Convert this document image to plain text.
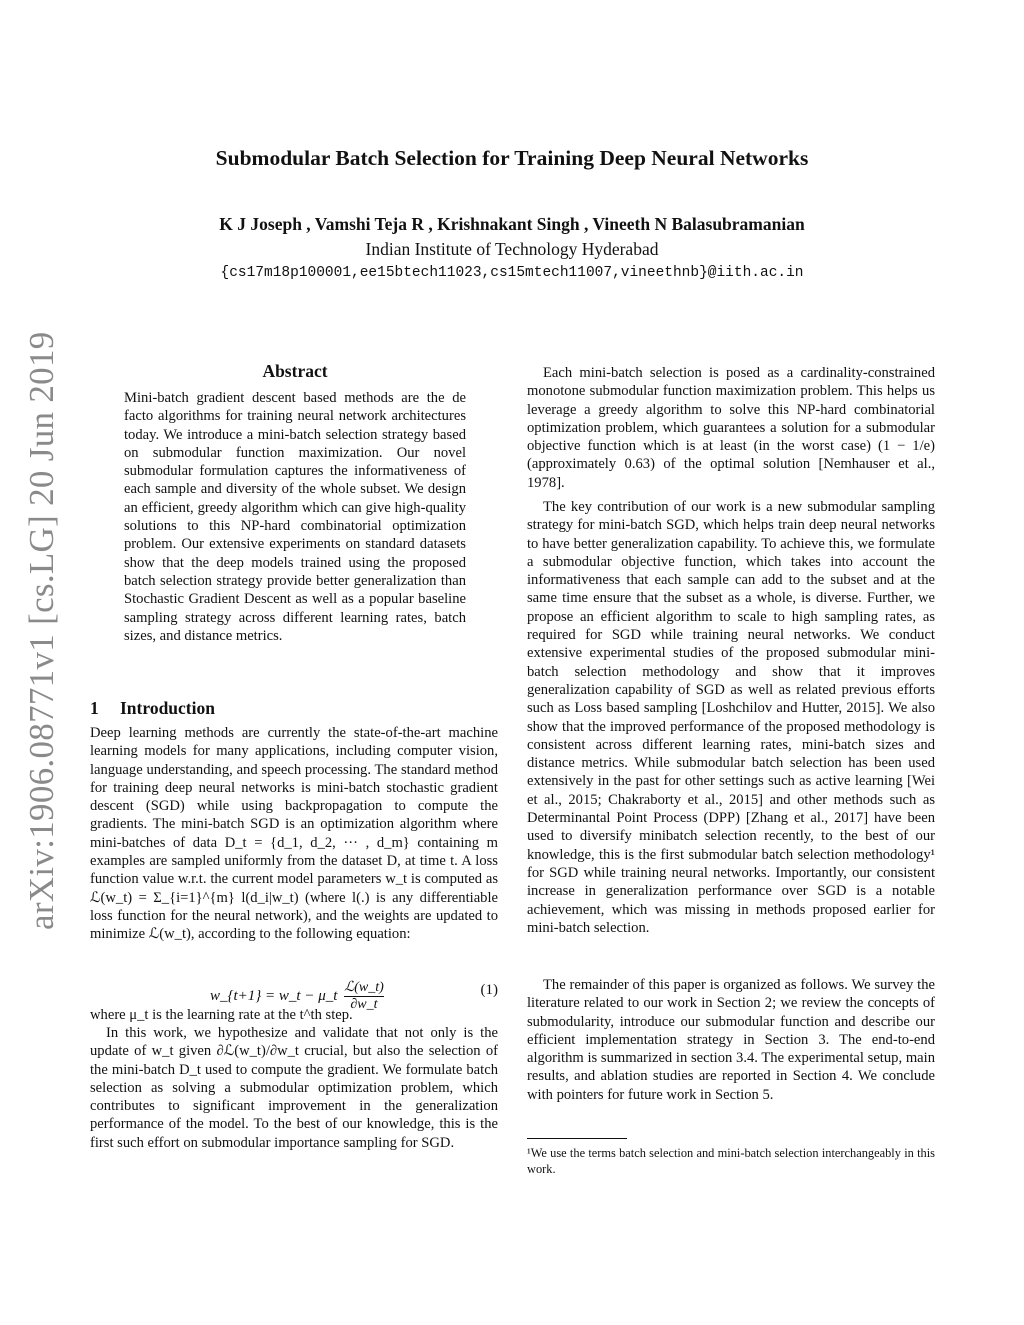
Submodular Batch Selection for Training Deep Neural Networks
K J Joseph , Vamshi Teja R , Krishnakant Singh , Vineeth N Balasubramanian
Indian Institute of Technology Hyderabad
{cs17m18p100001,ee15btech11023,cs15mtech11007,vineethnb}@iith.ac.in
arXiv:1906.08771v1 [cs.LG] 20 Jun 2019	Abstract
Mini-batch gradient descent based methods are the de facto algorithms for training neural network architectures today. We introduce a mini-batch selection strategy based on submodular function maximization. Our novel submodular formulation captures the informativeness of each sample and diversity of the whole subset. We design an efficient, greedy algorithm which can give high-quality solutions to this NP-hard combinatorial optimization problem. Our extensive experiments on standard datasets show that the deep models trained using the proposed batch selection strategy provide better generalization than Stochastic Gradient Descent as well as a popular baseline sampling strategy across different learning rates, batch sizes, and distance metrics.
1 Introduction
Deep learning methods are currently the state-of-the-art machine learning models for many applications, including computer vision, language understanding, and speech processing. The standard method for training deep neural networks is mini-batch stochastic gradient descent (SGD) while using backpropagation to compute the gradients. The mini-batch SGD is an optimization algorithm where mini-batches of data D_t = {d_1, d_2, ··· , d_m} containing m examples are sampled uniformly from the dataset D, at time t. A loss function value w.r.t. the current model parameters w_t is computed as ℒ(w_t) = Σ_{i=1}^{m} l(d_i|w_t) (where l(.) is any differentiable loss function for the neural network), and the weights are updated to minimize ℒ(w_t), according to the following equation:
w_{t+1} = w_t − μ_t $\frac{\text{ℒ(w\_t)}}{\partial w\_t}$	(1)
where μ_t is the learning rate at the t^th step.
In this work, we hypothesize and validate that not only is the update of w_t given ∂ℒ(w_t)/∂w_t crucial, but also the selection of the mini-batch D_t used to compute the gradient. We formulate batch selection as solving a submodular optimization problem, which contributes to significant improvement in the generalization performance of the model. To the best of our knowledge, this is the first such effort on submodular importance sampling for SGD.
Each mini-batch selection is posed as a cardinality-constrained monotone submodular function maximization problem. This helps us leverage a greedy algorithm to solve this NP-hard combinatorial optimization problem, which guarantees a solution for a submodular objective function which is at least (in the worst case) (1 − 1/e) (approximately 0.63) of the optimal solution [Nemhauser et al., 1978].
The key contribution of our work is a new submodular sampling strategy for mini-batch SGD, which helps train deep neural networks to have better generalization capability. To achieve this, we formulate a submodular objective function, which takes into account the informativeness that each sample can add to the subset and at the same time ensure that the subset as a whole, is diverse. Further, we propose an efficient algorithm to scale to high sampling rates, as required for SGD while training neural networks. We conduct extensive experimental studies of the proposed submodular mini-batch selection methodology and show that it improves generalization capability of SGD as well as related previous efforts such as Loss based sampling [Loshchilov and Hutter, 2015]. We also show that the improved performance of the proposed methodology is consistent across different learning rates, mini-batch sizes and distance metrics. While submodular batch selection has been used extensively in the past for other settings such as active learning [Wei et al., 2015; Chakraborty et al., 2015] and other methods such as Determinantal Point Process (DPP) [Zhang et al., 2017] have been used to diversify minibatch selection recently, to the best of our knowledge, this is the first submodular batch selection methodology¹ for SGD while training neural networks. Importantly, our consistent increase in generalization performance over SGD is a notable achievement, which was missing in methods proposed earlier for mini-batch selection.
The remainder of this paper is organized as follows. We survey the literature related to our work in Section 2; we review the concepts of submodularity, introduce our submodular function and describe our efficient implementation strategy in Section 3. The end-to-end algorithm is summarized in section 3.4. The experimental setup, main results, and ablation studies are reported in Section 4. We conclude with pointers for future work in Section 5.
¹We use the terms batch selection and mini-batch selection interchangeably in this work.
